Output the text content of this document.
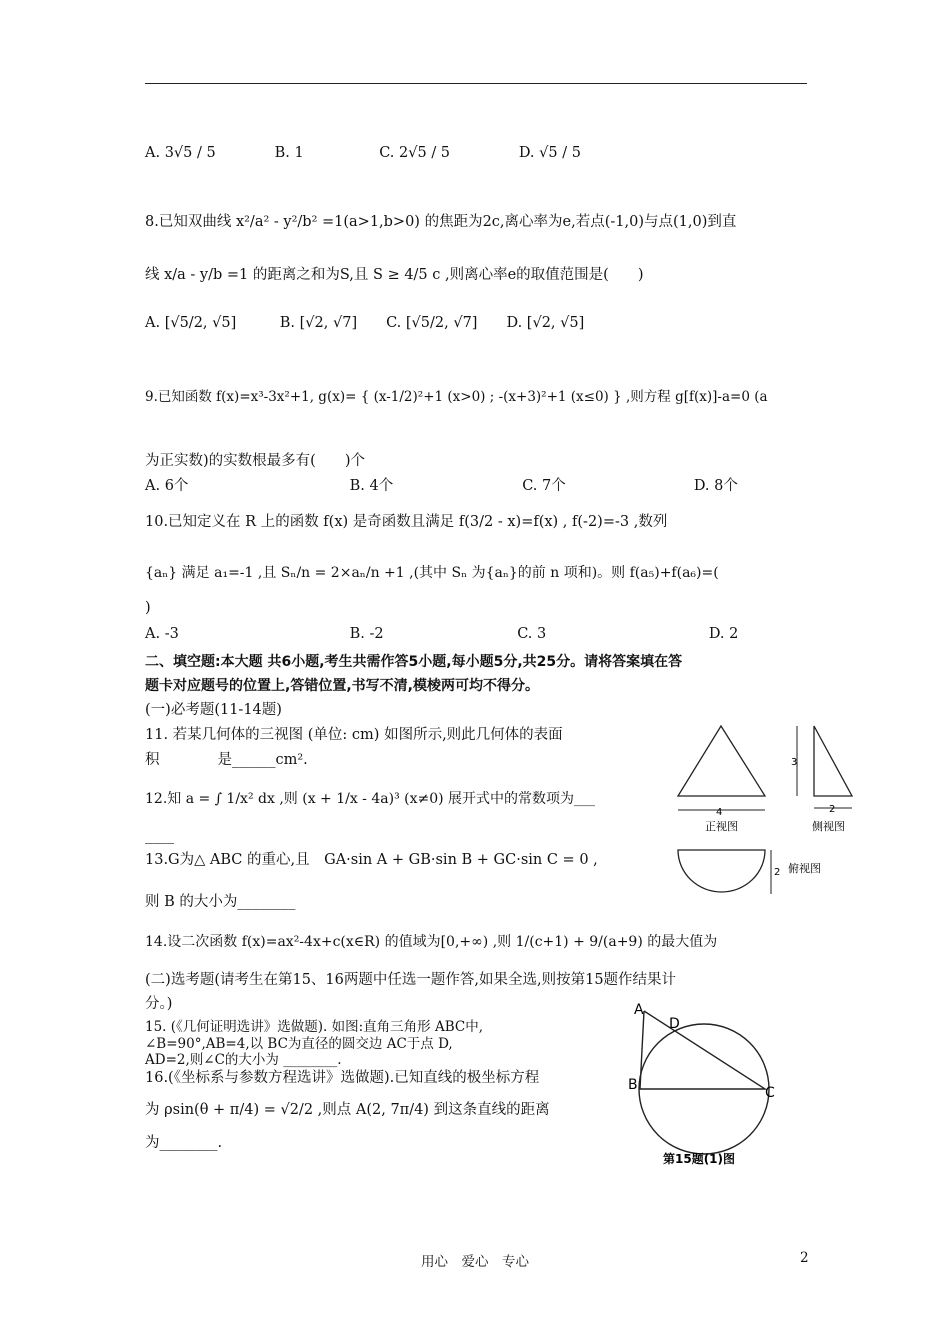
A. 3√5 / 5	B. 1	C. 2√5 / 5	D. √5 / 5
8.已知双曲线 x²/a² - y²/b² =1(a>1,b>0) 的焦距为2c,离心率为e,若点(-1,0)与点(1,0)到直
线 x/a - y/b =1 的距离之和为S,且 S ≥ 4/5 c ,则离心率e的取值范围是(　　)
A. [√5/2, √5]　　　B. [√2, √7]　　C. [√5/2, √7]　　D. [√2, √5]
9.已知函数 f(x)=x³-3x²+1, g(x)= { (x-1/2)²+1 (x>0) ; -(x+3)²+1 (x≤0) } ,则方程 g[f(x)]-a=0 (a
为正实数)的实数根最多有(　　)个
A. 6个	B. 4个	C. 7个	D. 8个
10.已知定义在 R 上的函数 f(x) 是奇函数且满足 f(3/2 - x)=f(x) , f(-2)=-3 ,数列
{aₙ} 满足 a₁=-1 ,且 Sₙ/n = 2×aₙ/n +1 ,(其中 Sₙ 为{aₙ}的前 n 项和)。则 f(a₅)+f(a₆)=(
)
A. -3	B. -2	C. 3	D. 2
二、填空题:本大题 共6小题,考生共需作答5小题,每小题5分,共25分。请将答案填在答
题卡对应题号的位置上,答错位置,书写不清,模棱两可均不得分。
(一)必考题(11-14题)
11. 若某几何体的三视图 (单位: cm) 如图所示,则此几何体的表面
积　　　　是______cm².
12.知 a = ∫ 1/x² dx ,则 (x + 1/x - 4a)³ (x≠0) 展开式中的常数项为___
____
13.G为△ ABC 的重心,且　GA·sin A + GB·sin B + GC·sin C = 0 ,
则 B 的大小为________
14.设二次函数 f(x)=ax²-4x+c(x∈R) 的值域为[0,+∞) ,则 1/(c+1) + 9/(a+9) 的最大值为
(二)选考题(请考生在第15、16两题中任选一题作答,如果全选,则按第15题作结果计
分。)
15. (《几何证明选讲》选做题). 如图:直角三角形 ABC中,
∠B=90°,AB=4,以 BC为直径的圆交边 AC于点 D,
AD=2,则∠C的大小为 ________.
16.(《坐标系与参数方程选讲》选做题).已知直线的极坐标方程
为 ρsin(θ + π/4) = √2/2 ,则点 A(2, 7π/4) 到这条直线的距离
为________.
4
正视图
3
2
侧视图
2 俯视图
A
D
B	C
第15题(1)图
用心　爱心　专心	2
